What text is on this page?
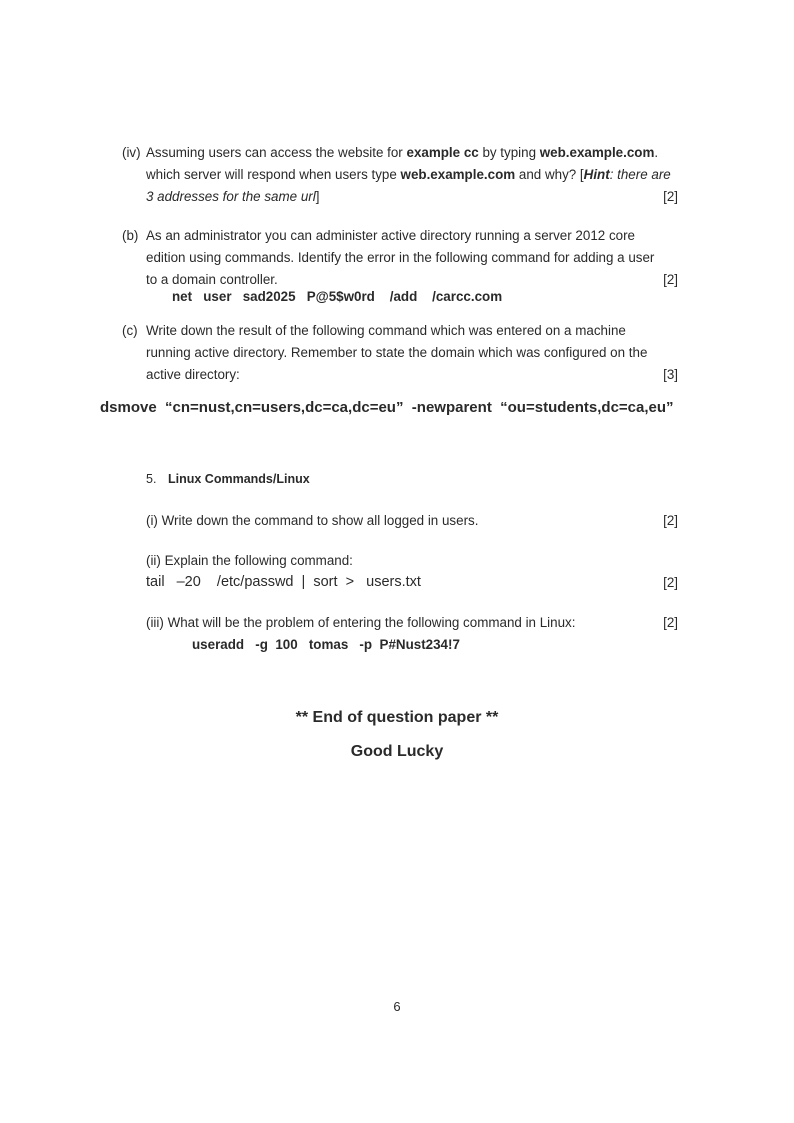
(iv) Assuming users can access the website for example cc by typing web.example.com.
which server will respond when users type web.example.com and why? [Hint: there are
3 addresses for the same url]	[2]
(b) As an administrator you can administer active directory running a server 2012 core
edition using commands. Identify the error in the following command for adding a user
to a domain controller.	[2]
net   user   sad2025   P@5$w0rd    /add    /carcc.com
(c) Write down the result of the following command which was entered on a machine
running active directory. Remember to state the domain which was configured on the
active directory:	[3]
dsmove  “cn=nust,cn=users,dc=ca,dc=eu”  -newparent  “ou=students,dc=ca,eu”
5. Linux Commands/Linux
(i) Write down the command to show all logged in users.	[2]
(ii) Explain the following command:
tail   –20    /etc/passwd  |  sort  >   users.txt	[2]
(iii) What will be the problem of entering the following command in Linux:	[2]
useradd   -g  100   tomas   -p  P#Nust234!7
** End of question paper **
Good Lucky
6
